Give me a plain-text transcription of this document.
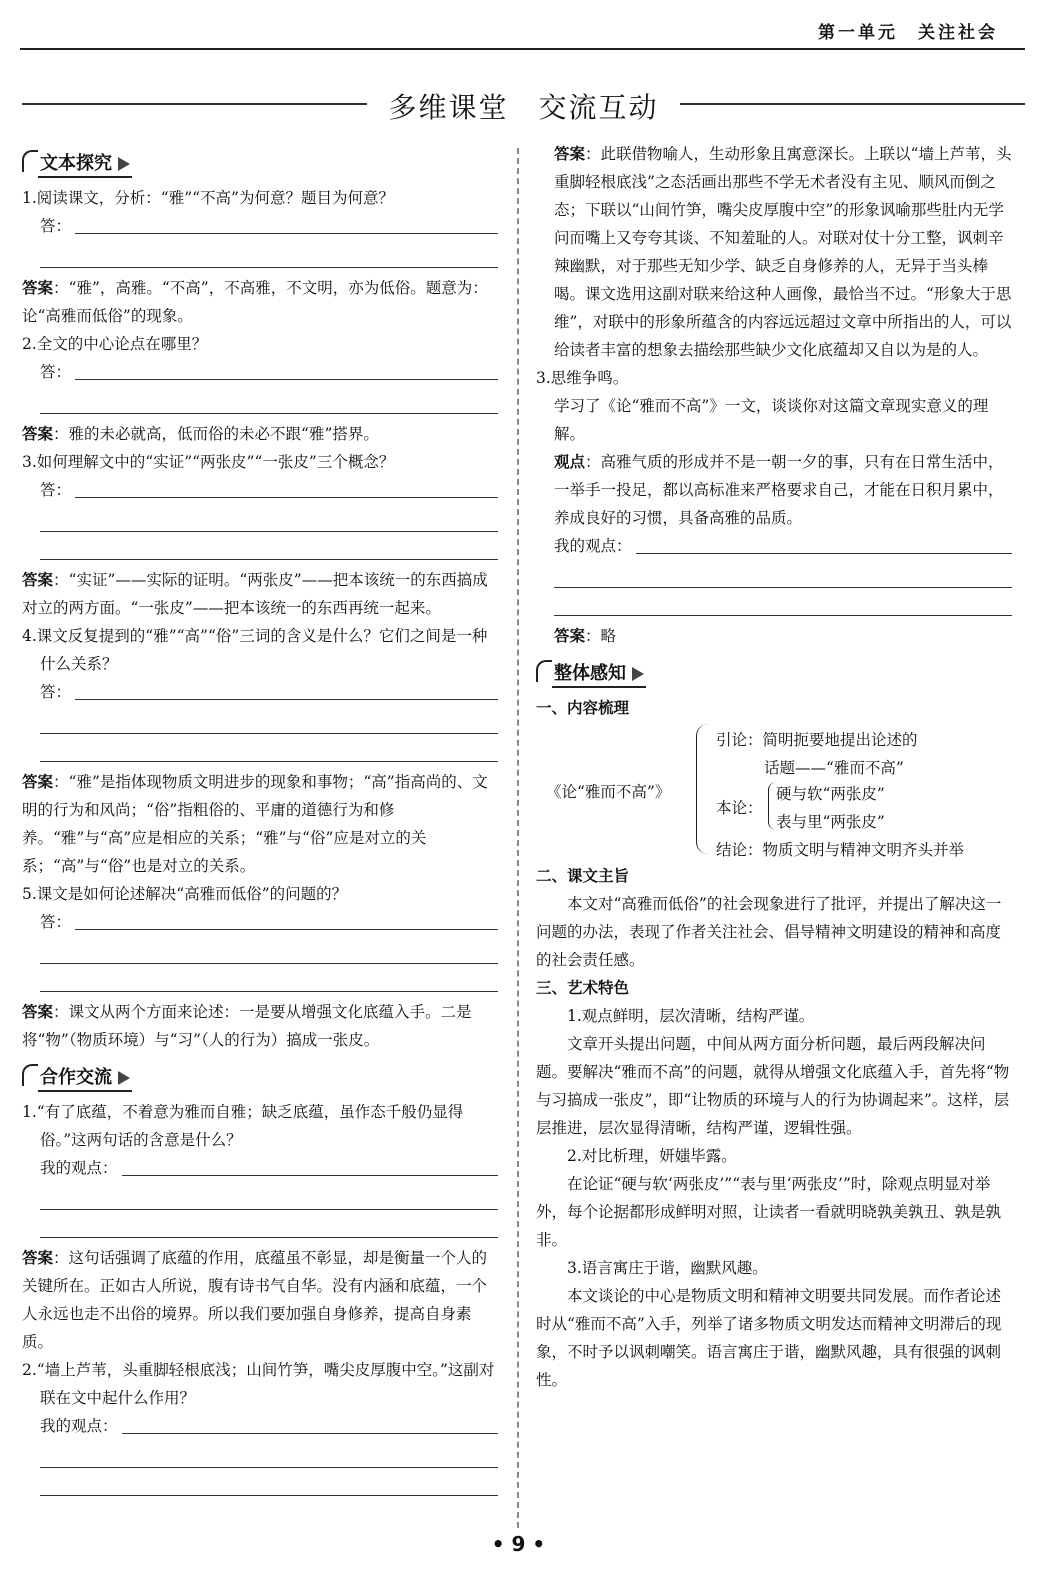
第一单元　关注社会
多维课堂　交流互动
文本探究
1.阅读课文，分析：“雅”“不高”为何意？题目为何意？
答：
答案：“雅”，高雅。“不高”，不高雅，不文明，亦为低俗。题意为：论“高雅而低俗”的现象。
2.全文的中心论点在哪里？
答：
答案：雅的未必就高，低而俗的未必不跟“雅”搭界。
3.如何理解文中的“实证”“两张皮”“一张皮”三个概念？
答：
答案：“实证”——实际的证明。“两张皮”——把本该统一的东西搞成对立的两方面。“一张皮”——把本该统一的东西再统一起来。
4.课文反复提到的“雅”“高”“俗”三词的含义是什么？它们之间是一种什么关系？
答：
答案：“雅”是指体现物质文明进步的现象和事物；“高”指高尚的、文明的行为和风尚；“俗”指粗俗的、平庸的道德行为和修养。“雅”与“高”应是相应的关系；“雅”与“俗”应是对立的关系；“高”与“俗”也是对立的关系。
5.课文是如何论述解决“高雅而低俗”的问题的？
答：
答案：课文从两个方面来论述：一是要从增强文化底蕴入手。二是将“物”（物质环境）与“习”（人的行为）搞成一张皮。
合作交流
1.“有了底蕴，不着意为雅而自雅；缺乏底蕴，虽作态千般仍显得俗。”这两句话的含意是什么？
我的观点：
答案：这句话强调了底蕴的作用，底蕴虽不彰显，却是衡量一个人的关键所在。正如古人所说，腹有诗书气自华。没有内涵和底蕴，一个人永远也走不出俗的境界。所以我们要加强自身修养，提高自身素质。
2.“墙上芦苇，头重脚轻根底浅；山间竹笋，嘴尖皮厚腹中空。”这副对联在文中起什么作用？
我的观点：
答案：此联借物喻人，生动形象且寓意深长。上联以“墙上芦苇，头重脚轻根底浅”之态活画出那些不学无术者没有主见、顺风而倒之态；下联以“山间竹笋，嘴尖皮厚腹中空”的形象讽喻那些肚内无学问而嘴上又夸夸其谈、不知羞耻的人。对联对仗十分工整，讽刺辛辣幽默，对于那些无知少学、缺乏自身修养的人，无异于当头棒喝。课文选用这副对联来给这种人画像，最恰当不过。“形象大于思维”，对联中的形象所蕴含的内容远远超过文章中所指出的人，可以给读者丰富的想象去描绘那些缺少文化底蕴却又自以为是的人。
3.思维争鸣。
学习了《论“雅而不高”》一文，谈谈你对这篇文章现实意义的理解。
观点：高雅气质的形成并不是一朝一夕的事，只有在日常生活中，一举手一投足，都以高标准来严格要求自己，才能在日积月累中，养成良好的习惯，具备高雅的品质。
我的观点：
答案：略
整体感知
一、内容梳理
《论“雅而不高”》
引论：简明扼要地提出论述的
话题——“雅而不高”
本论：
硬与软“两张皮”
表与里“两张皮”
结论：物质文明与精神文明齐头并举
二、课文主旨
本文对“高雅而低俗”的社会现象进行了批评，并提出了解决这一问题的办法，表现了作者关注社会、倡导精神文明建设的精神和高度的社会责任感。
三、艺术特色
1.观点鲜明，层次清晰，结构严谨。
文章开头提出问题，中间从两方面分析问题，最后两段解决问题。要解决“雅而不高”的问题，就得从增强文化底蕴入手，首先将“物与习搞成一张皮”，即“让物质的环境与人的行为协调起来”。这样，层层推进，层次显得清晰，结构严谨，逻辑性强。
2.对比析理，妍媸毕露。
在论证“硬与软‘两张皮’”“表与里‘两张皮’”时，除观点明显对举外，每个论据都形成鲜明对照，让读者一看就明晓孰美孰丑、孰是孰非。
3.语言寓庄于谐，幽默风趣。
本文谈论的中心是物质文明和精神文明要共同发展。而作者论述时从“雅而不高”入手，列举了诸多物质文明发达而精神文明滞后的现象，不时予以讽刺嘲笑。语言寓庄于谐，幽默风趣，具有很强的讽刺性。
• 9 •
